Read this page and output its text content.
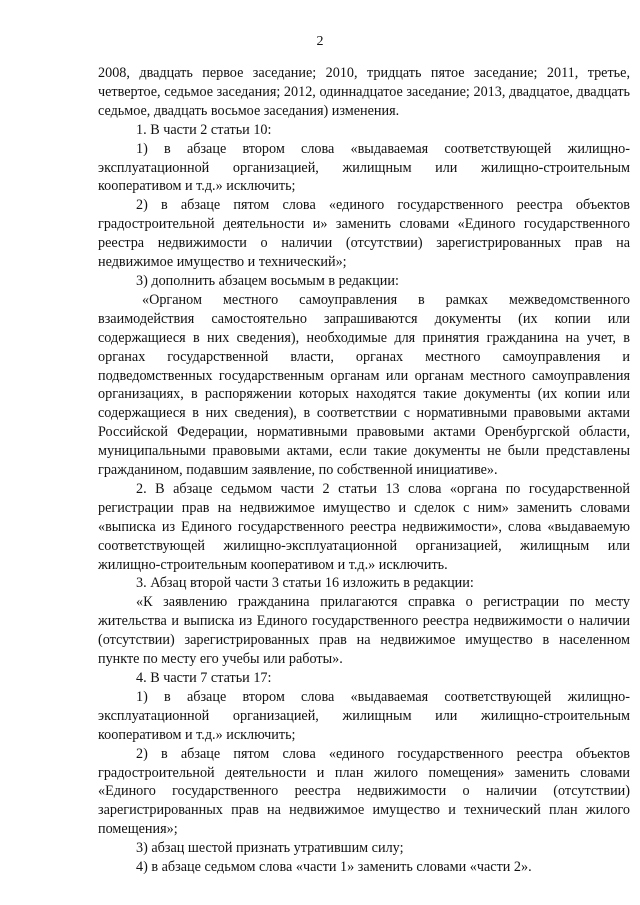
2

2008, двадцать первое заседание; 2010, тридцать пятое заседание; 2011, третье, четвертое, седьмое заседания; 2012, одиннадцатое заседание; 2013, двадцатое, двадцать седьмое, двадцать восьмое заседания) изменения.

1. В части 2 статьи 10:

1) в абзаце втором слова «выдаваемая соответствующей жилищно-эксплуатационной организацией, жилищным или жилищно-строительным кооперативом и т.д.» исключить;

2) в абзаце пятом слова «единого государственного реестра объектов градостроительной деятельности и» заменить словами «Единого государственного реестра недвижимости о наличии (отсутствии) зарегистрированных прав на недвижимое имущество и технический»;

3) дополнить абзацем восьмым в редакции:

«Органом местного самоуправления в рамках межведомственного взаимодействия самостоятельно запрашиваются документы (их копии или содержащиеся в них сведения), необходимые для принятия гражданина на учет, в органах государственной власти, органах местного самоуправления и подведомственных государственным органам или органам местного самоуправления организациях, в распоряжении которых находятся такие документы (их копии или содержащиеся в них сведения), в соответствии с нормативными правовыми актами Российской Федерации, нормативными правовыми актами Оренбургской области, муниципальными правовыми актами, если такие документы не были представлены гражданином, подавшим заявление, по собственной инициативе».

2. В абзаце седьмом части 2 статьи 13 слова «органа по государственной регистрации прав на недвижимое имущество и сделок с ним» заменить словами «выписка из Единого государственного реестра недвижимости», слова «выдаваемую соответствующей жилищно-эксплуатационной организацией, жилищным или жилищно-строительным кооперативом и т.д.» исключить.

3. Абзац второй части 3 статьи 16 изложить в редакции:

«К заявлению гражданина прилагаются справка о регистрации по месту жительства и выписка из Единого государственного реестра недвижимости о наличии (отсутствии) зарегистрированных прав на недвижимое имущество в населенном пункте по месту его учебы или работы».

4. В части 7 статьи 17:

1) в абзаце втором слова «выдаваемая соответствующей жилищно-эксплуатационной организацией, жилищным или жилищно-строительным кооперативом и т.д.» исключить;

2) в абзаце пятом слова «единого государственного реестра объектов градостроительной деятельности и план жилого помещения» заменить словами «Единого государственного реестра недвижимости о наличии (отсутствии) зарегистрированных прав на недвижимое имущество и технический план жилого помещения»;

3) абзац шестой признать утратившим силу;

4) в абзаце седьмом слова «части 1» заменить словами «части 2».
